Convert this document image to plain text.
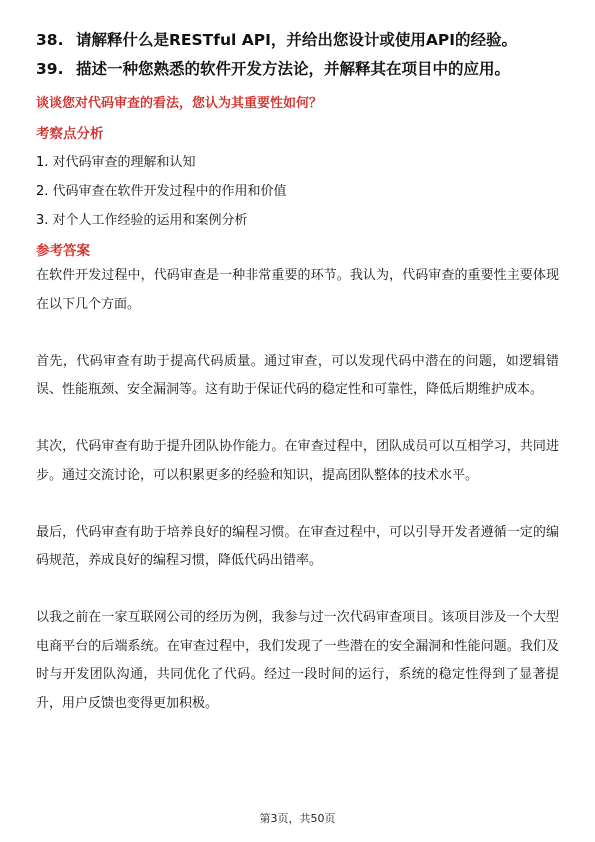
38. 请解释什么是RESTful API，并给出您设计或使用API的经验。
39. 描述一种您熟悉的软件开发方法论，并解释其在项目中的应用。
谈谈您对代码审查的看法，您认为其重要性如何？
考察点分析
1. 对代码审查的理解和认知
2. 代码审查在软件开发过程中的作用和价值
3. 对个人工作经验的运用和案例分析
参考答案

在软件开发过程中，代码审查是一种非常重要的环节。我认为，代码审查的重要性主要体现在以下几个方面。

首先，代码审查有助于提高代码质量。通过审查，可以发现代码中潜在的问题，如逻辑错误、性能瓶颈、安全漏洞等。这有助于保证代码的稳定性和可靠性，降低后期维护成本。

其次，代码审查有助于提升团队协作能力。在审查过程中，团队成员可以互相学习，共同进步。通过交流讨论，可以积累更多的经验和知识，提高团队整体的技术水平。

最后，代码审查有助于培养良好的编程习惯。在审查过程中，可以引导开发者遵循一定的编码规范，养成良好的编程习惯，降低代码出错率。

以我之前在一家互联网公司的经历为例，我参与过一次代码审查项目。该项目涉及一个大型电商平台的后端系统。在审查过程中，我们发现了一些潜在的安全漏洞和性能问题。我们及时与开发团队沟通，共同优化了代码。经过一段时间的运行，系统的稳定性得到了显著提升，用户反馈也变得更加积极。

第3页，共50页
